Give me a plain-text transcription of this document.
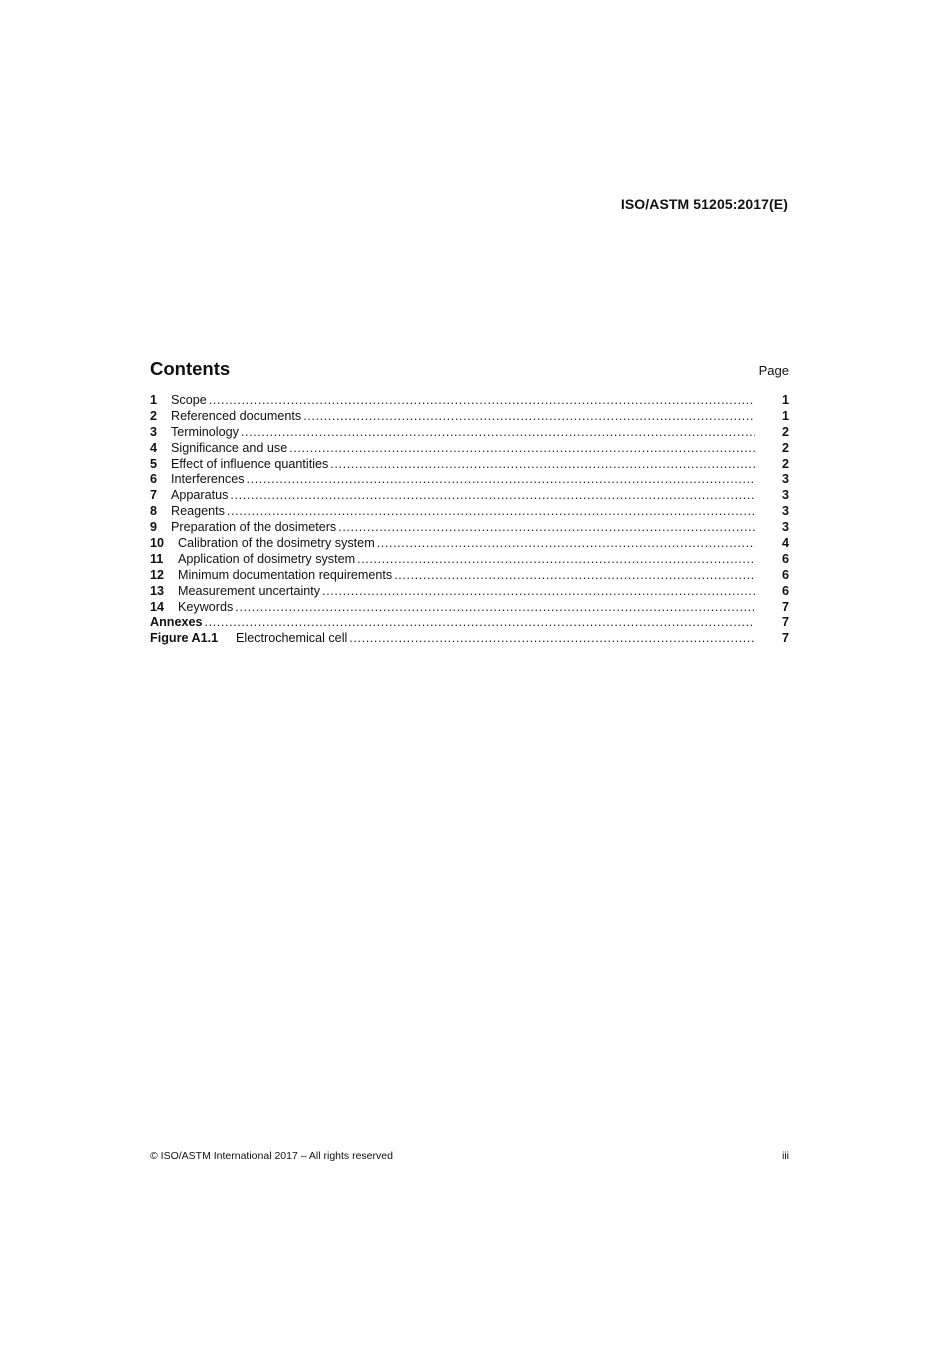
ISO/ASTM 51205:2017(E)
Contents	Page
1	Scope .....	1
2	Referenced documents .....	1
3	Terminology .....	2
4	Significance and use .....	2
5	Effect of influence quantities .....	2
6	Interferences .....	3
7	Apparatus .....	3
8	Reagents .....	3
9	Preparation of the dosimeters .....	3
10	Calibration of the dosimetry system .....	4
11	Application of dosimetry system .....	6
12	Minimum documentation requirements .....	6
13	Measurement uncertainty .....	6
14	Keywords .....	7
Annexes .....	7
Figure A1.1	Electrochemical cell .....	7
© ISO/ASTM International 2017 – All rights reserved	iii
